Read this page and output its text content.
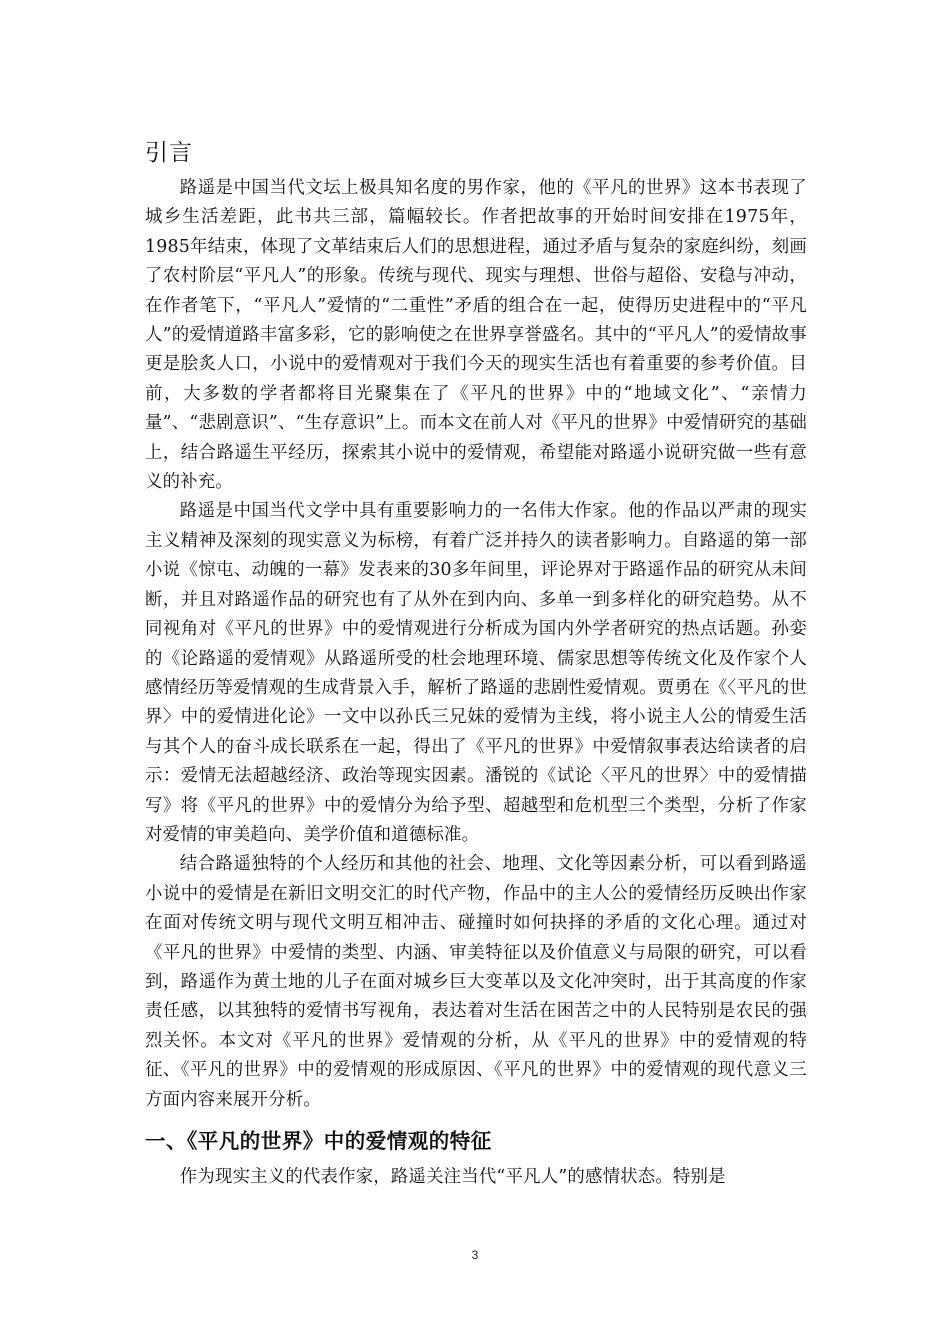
引言

路遥是中国当代文坛上极具知名度的男作家，他的《平凡的世界》这本书表现了城乡生活差距，此书共三部，篇幅较长。作者把故事的开始时间安排在1975年，1985年结束，体现了文革结束后人们的思想进程，通过矛盾与复杂的家庭纠纷，刻画了农村阶层“平凡人”的形象。传统与现代、现实与理想、世俗与超俗、安稳与冲动，在作者笔下，“平凡人”爱情的“二重性”矛盾的组合在一起，使得历史进程中的“平凡人”的爱情道路丰富多彩，它的影响使之在世界享誉盛名。其中的“平凡人”的爱情故事更是脍炙人口，小说中的爱情观对于我们今天的现实生活也有着重要的参考价值。目前，大多数的学者都将目光聚集在了《平凡的世界》中的“地域文化”、“亲情力量”、“悲剧意识”、“生存意识”上。而本文在前人对《平凡的世界》中爱情研究的基础上，结合路遥生平经历，探索其小说中的爱情观，希望能对路遥小说研究做一些有意义的补充。

路遥是中国当代文学中具有重要影响力的一名伟大作家。他的作品以严肃的现实主义精神及深刻的现实意义为标榜，有着广泛并持久的读者影响力。自路遥的第一部小说《惊屯、动魄的一幕》发表来的30多年间里，评论界对于路遥作品的研究从未间断，并且对路遥作品的研究也有了从外在到内向、多单一到多样化的研究趋势。从不同视角对《平凡的世界》中的爱情观进行分析成为国内外学者研究的热点话题。孙娈的《论路遥的爱情观》从路遥所受的杜会地理环境、儒家思想等传统文化及作家个人感情经历等爱情观的生成背景入手，解析了路遥的悲剧性爱情观。贾勇在《〈平凡的世界〉中的爱情进化论》一文中以孙氏三兄妹的爱情为主线，将小说主人公的情爱生活与其个人的奋斗成长联系在一起，得出了《平凡的世界》中爱情叙事表达给读者的启示：爱情无法超越经济、政治等现实因素。潘锐的《试论〈平凡的世界〉中的爱情描写》将《平凡的世界》中的爱情分为给予型、超越型和危机型三个类型，分析了作家对爱情的审美趋向、美学价值和道德标准。

结合路遥独特的个人经历和其他的社会、地理、文化等因素分析，可以看到路遥小说中的爱情是在新旧文明交汇的时代产物，作品中的主人公的爱情经历反映出作家在面对传统文明与现代文明互相冲击、碰撞时如何抉择的矛盾的文化心理。通过对《平凡的世界》中爱情的类型、内涵、审美特征以及价值意义与局限的研究，可以看到，路遥作为黄土地的儿子在面对城乡巨大变革以及文化冲突时，出于其高度的作家责任感，以其独特的爱情书写视角，表达着对生活在困苦之中的人民特别是农民的强烈关怀。本文对《平凡的世界》爱情观的分析，从《平凡的世界》中的爱情观的特征、《平凡的世界》中的爱情观的形成原因、《平凡的世界》中的爱情观的现代意义三方面内容来展开分析。

一、《平凡的世界》中的爱情观的特征

作为现实主义的代表作家，路遥关注当代“平凡人”的感情状态。特别是

3
